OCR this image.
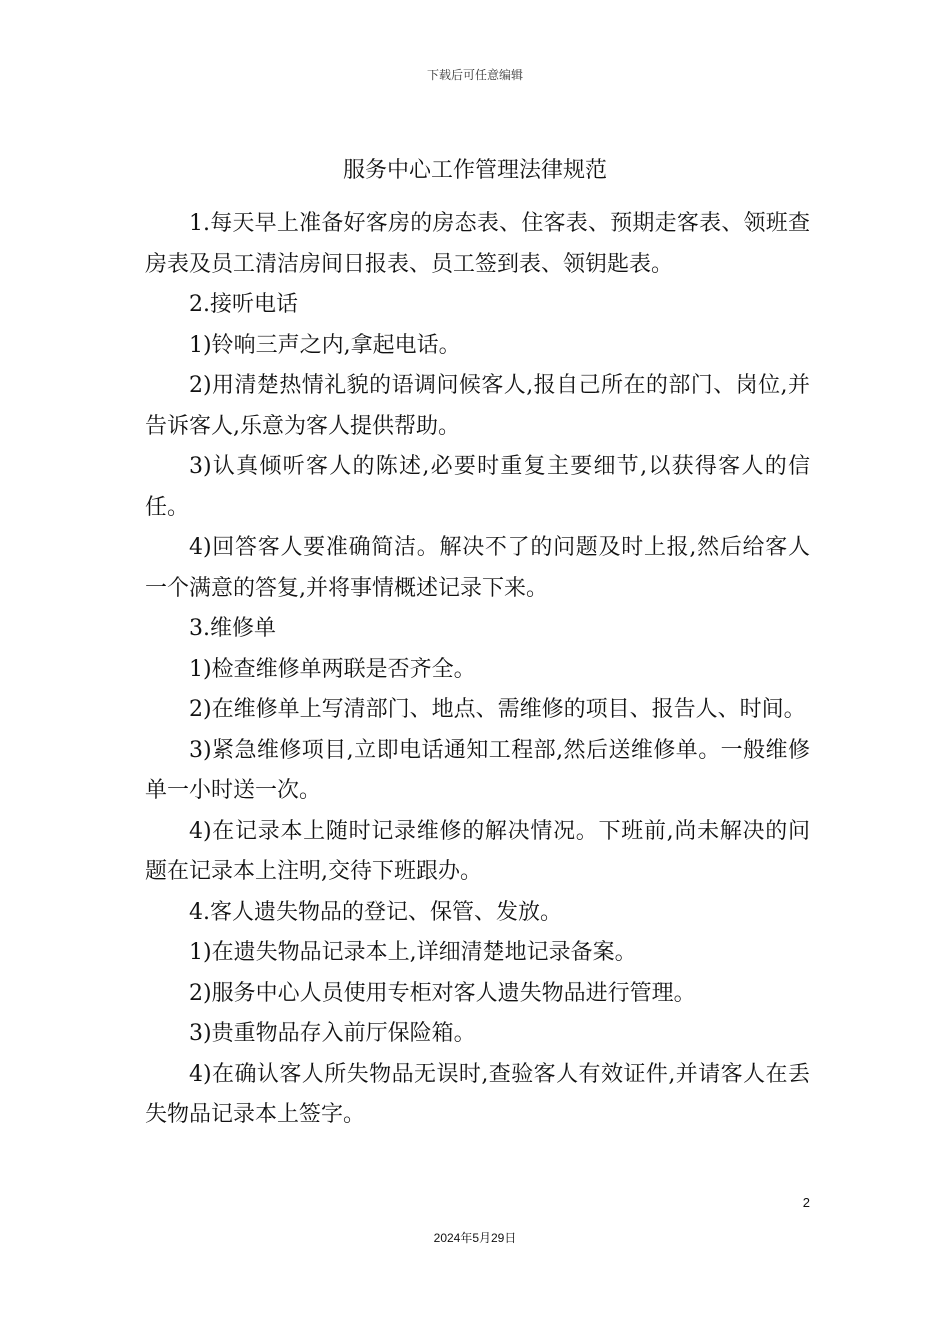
下载后可任意编辑
服务中心工作管理法律规范

1.每天早上准备好客房的房态表、住客表、预期走客表、领班查房表及员工清洁房间日报表、员工签到表、领钥匙表。

2.接听电话

1)铃响三声之内,拿起电话。

2)用清楚热情礼貌的语调问候客人,报自己所在的部门、岗位,并告诉客人,乐意为客人提供帮助。

3)认真倾听客人的陈述,必要时重复主要细节,以获得客人的信任。

4)回答客人要准确简洁。解决不了的问题及时上报,然后给客人一个满意的答复,并将事情概述记录下来。

3.维修单

1)检查维修单两联是否齐全。

2)在维修单上写清部门、地点、需维修的项目、报告人、时间。

3)紧急维修项目,立即电话通知工程部,然后送维修单。一般维修单一小时送一次。

4)在记录本上随时记录维修的解决情况。下班前,尚未解决的问题在记录本上注明,交待下班跟办。

4.客人遗失物品的登记、保管、发放。

1)在遗失物品记录本上,详细清楚地记录备案。

2)服务中心人员使用专柜对客人遗失物品进行管理。

3)贵重物品存入前厅保险箱。

4)在确认客人所失物品无误时,查验客人有效证件,并请客人在丢失物品记录本上签字。

2
2024年5月29日
